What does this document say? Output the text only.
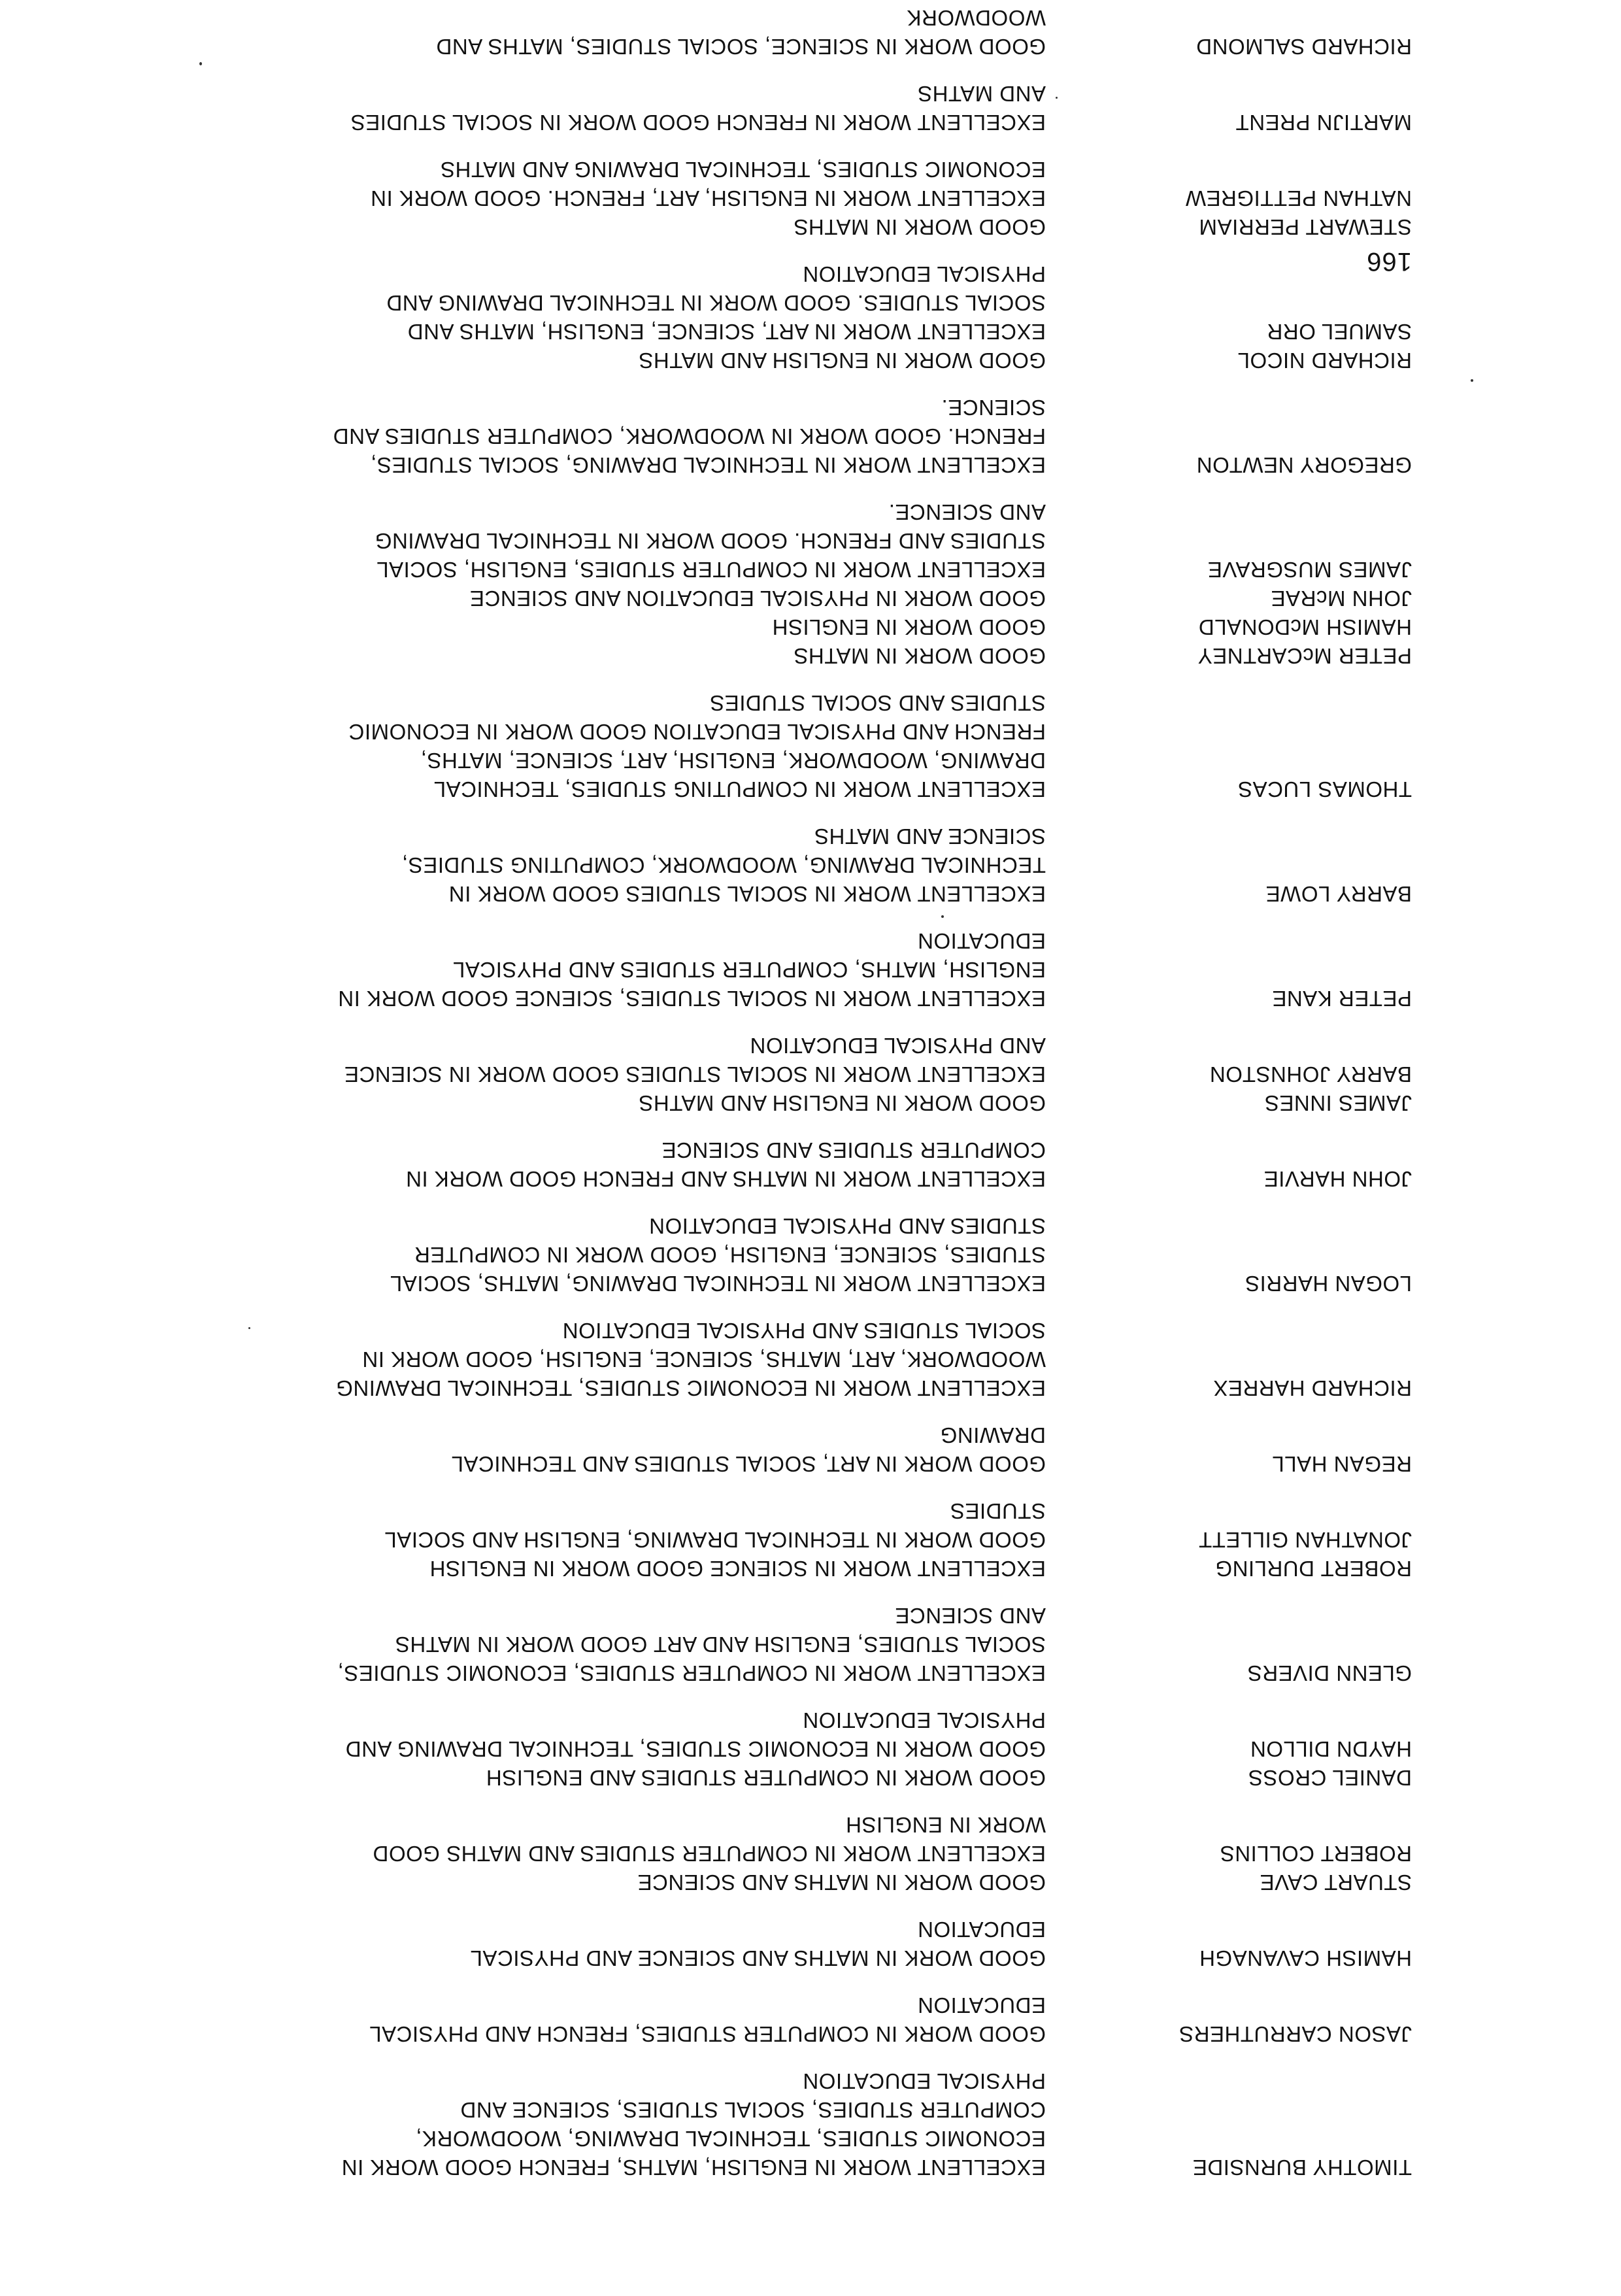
TIMOTHY BURNSIDE
EXCELLENT WORK IN ENGLISH, MATHS, FRENCH GOOD WORK IN
ECONOMIC STUDIES, TECHNICAL DRAWING, WOODWORK,
COMPUTER STUDIES, SOCIAL STUDIES, SCIENCE AND
PHYSICAL EDUCATION
JASON CARRUTHERS
GOOD WORK IN COMPUTER STUDIES, FRENCH AND PHYSICAL
EDUCATION
HAMISH CAVANAGH
GOOD WORK IN MATHS AND SCIENCE AND PHYSICAL
EDUCATION
STUART CAVE
ROBERT COLLINS
GOOD WORK IN MATHS AND SCIENCE
EXCELLENT WORK IN COMPUTER STUDIES AND MATHS GOOD
WORK IN ENGLISH
DANIEL CROSS
HAYDN DILLON
GOOD WORK IN COMPUTER STUDIES AND ENGLISH
GOOD WORK IN ECONOMIC STUDIES, TECHNICAL DRAWING AND
PHYSICAL EDUCATION
GLENN DIVERS
EXCELLENT WORK IN COMPUTER STUDIES, ECONOMIC STUDIES,
SOCIAL STUDIES, ENGLISH AND ART GOOD WORK IN MATHS
AND SCIENCE
ROBERT DURLING
JONATHAN GILLETT
EXCELLENT WORK IN SCIENCE GOOD WORK IN ENGLISH
GOOD WORK IN TECHNICAL DRAWING, ENGLISH AND SOCIAL
STUDIES
REGAN HALL
GOOD WORK IN ART, SOCIAL STUDIES AND TECHNICAL
DRAWING
RICHARD HARREX
EXCELLENT WORK IN ECONOMIC STUDIES, TECHNICAL DRAWING
WOODWORK, ART, MATHS, SCIENCE, ENGLISH, GOOD WORK IN
SOCIAL STUDIES AND PHYSICAL EDUCATION
LOGAN HARRIS
EXCELLENT WORK IN TECHNICAL DRAWING, MATHS, SOCIAL
STUDIES, SCIENCE, ENGLISH, GOOD WORK IN COMPUTER
STUDIES AND PHYSICAL EDUCATION
JOHN HARVIE
EXCELLENT WORK IN MATHS AND FRENCH GOOD WORK IN
COMPUTER STUDIES AND SCIENCE
JAMES INNES
BARRY JOHNSTON
GOOD WORK IN ENGLISH AND MATHS
EXCELLENT WORK IN SOCIAL STUDIES GOOD WORK IN SCIENCE
AND PHYSICAL EDUCATION
PETER KANE
EXCELLENT WORK IN SOCIAL STUDIES, SCIENCE GOOD WORK IN
ENGLISH, MATHS, COMPUTER STUDIES AND PHYSICAL
EDUCATION
BARRY LOWE
EXCELLENT WORK IN SOCIAL STUDIES GOOD WORK IN
TECHNICAL DRAWING, WOODWORK, COMPUTING STUDIES,
SCIENCE AND MATHS
THOMAS LUCAS
EXCELLENT WORK IN COMPUTING STUDIES, TECHNICAL
DRAWING, WOODWORK, ENGLISH, ART, SCIENCE, MATHS,
FRENCH AND PHYSICAL EDUCATION GOOD WORK IN ECONOMIC
STUDIES AND SOCIAL STUDIES
PETER McCARTNEY
HAMISH McDONALD
JOHN McRAE
JAMES MUSGRAVE
GOOD WORK IN MATHS
GOOD WORK IN ENGLISH
GOOD WORK IN PHYSICAL EDUCATION AND SCIENCE
EXCELLENT WORK IN COMPUTER STUDIES, ENGLISH, SOCIAL
STUDIES AND FRENCH. GOOD WORK IN TECHNICAL DRAWING
AND SCIENCE.
GREGORY NEWTON
EXCELLENT WORK IN TECHNICAL DRAWING, SOCIAL STUDIES,
FRENCH. GOOD WORK IN WOODWORK, COMPUTER STUDIES AND
SCIENCE.
RICHARD NICOL
SAMUEL ORR
GOOD WORK IN ENGLISH AND MATHS
EXCELLENT WORK IN ART, SCIENCE, ENGLISH, MATHS AND
SOCIAL STUDIES. GOOD WORK IN TECHNICAL DRAWING AND
PHYSICAL EDUCATION
STEWART PERRIAM
NATHAN PETTIGREW
GOOD WORK IN MATHS
EXCELLENT WORK IN ENGLISH, ART, FRENCH. GOOD WORK IN
ECONOMIC STUDIES, TECHNICAL DRAWING AND MATHS
MARTIJN PRENT
EXCELLENT WORK IN FRENCH GOOD WORK IN SOCIAL STUDIES
AND MATHS
RICHARD SALMOND
GOOD WORK IN SCIENCE, SOCIAL STUDIES, MATHS AND
WOODWORK
166
